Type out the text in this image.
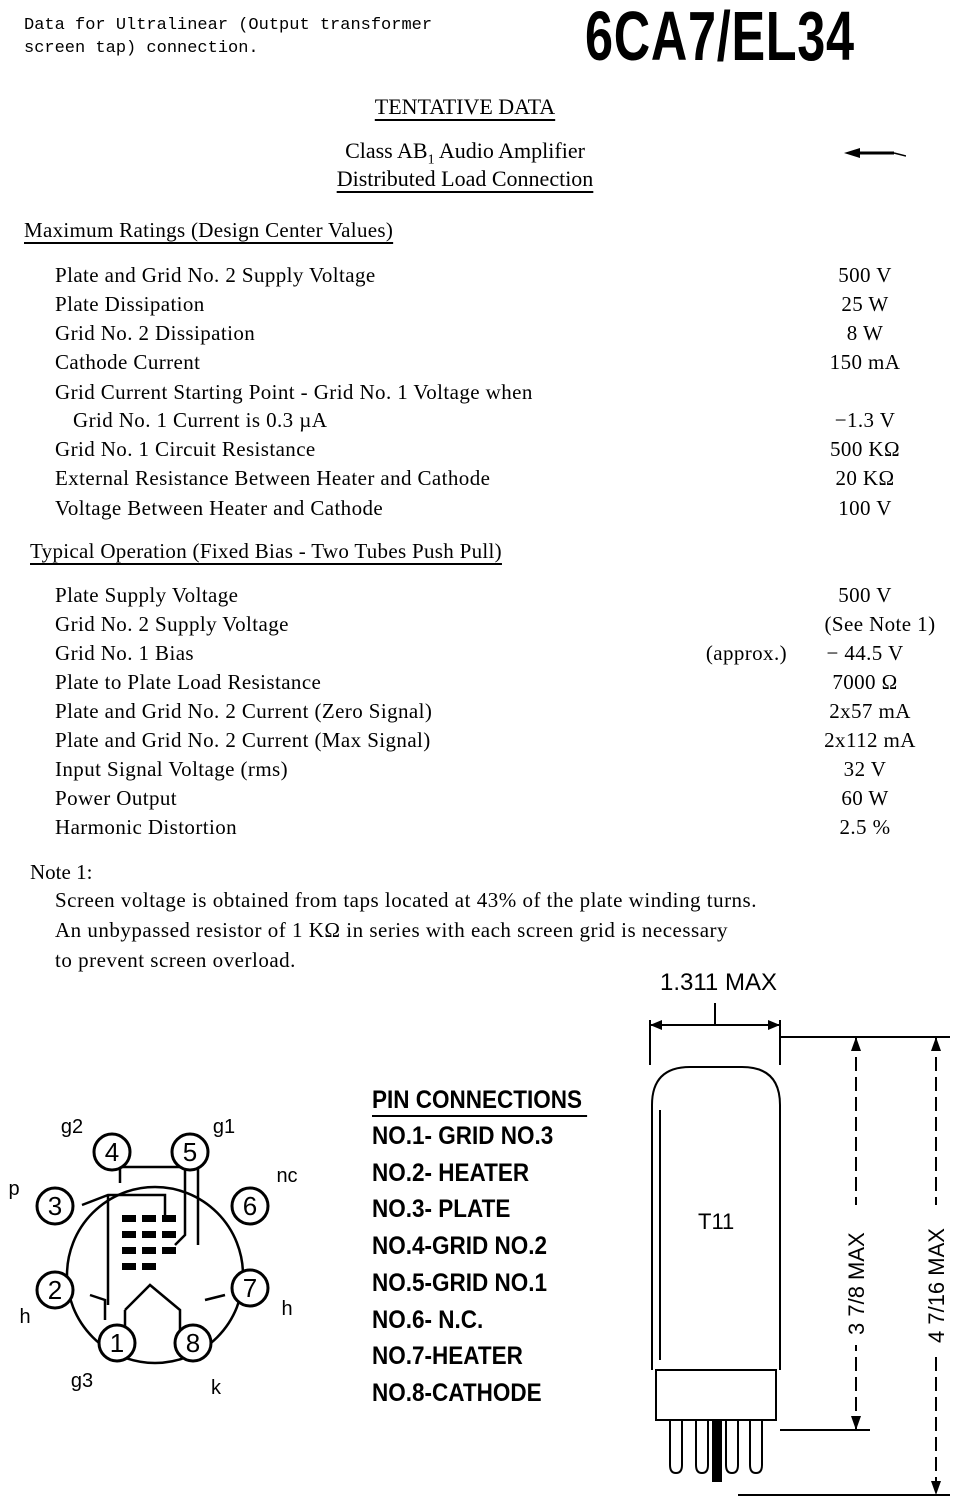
Data for Ultralinear (Output transformer
screen tap) connection.	6CA7/EL34
TENTATIVE DATA
Class $AB_1$ Audio Amplifier
Distributed Load Connection
Maximum Ratings (Design Center Values)
Plate and Grid No. 2 Supply Voltage	500 V
Plate Dissipation	25 W
Grid No. 2 Dissipation	8 W
Cathode Current	150 mA
Grid Current Starting Point - Grid No. 1 Voltage when
Grid No. 1 Current is 0.3 µA	−1.3 V
Grid No. 1 Circuit Resistance	500 KΩ
External Resistance Between Heater and Cathode	20 KΩ
Voltage Between Heater and Cathode	100 V
Typical Operation (Fixed Bias - Two Tubes Push Pull)
Plate Supply Voltage	500 V
Grid No. 2 Supply Voltage	(See Note 1)
Grid No. 1 Bias	(approx.)	− 44.5 V
Plate to Plate Load Resistance	7000 Ω
Plate and Grid No. 2 Current (Zero Signal)	2x57 mA
Plate and Grid No. 2 Current (Max Signal)	2x112 mA
Input Signal Voltage (rms)	32 V
Power Output	60 W
Harmonic Distortion	2.5 %
Note 1:
Screen voltage is obtained from taps located at 43% of the plate winding turns.
An unbypassed resistor of 1 KΩ in series with each screen grid is necessary
to prevent screen overload.
PIN CONNECTIONS
NO.1- GRID NO.3
NO.2- HEATER
NO.3- PLATE
NO.4-GRID NO.2
NO.5-GRID NO.1
NO.6- N.C.
NO.7-HEATER
NO.8-CATHODE
1
2
3
4 5
6
7
8
g2	g1
p
nc
h	h
g3	k
1.311 MAX
T11
3 7/8 MAX	4 7/16 MAX
